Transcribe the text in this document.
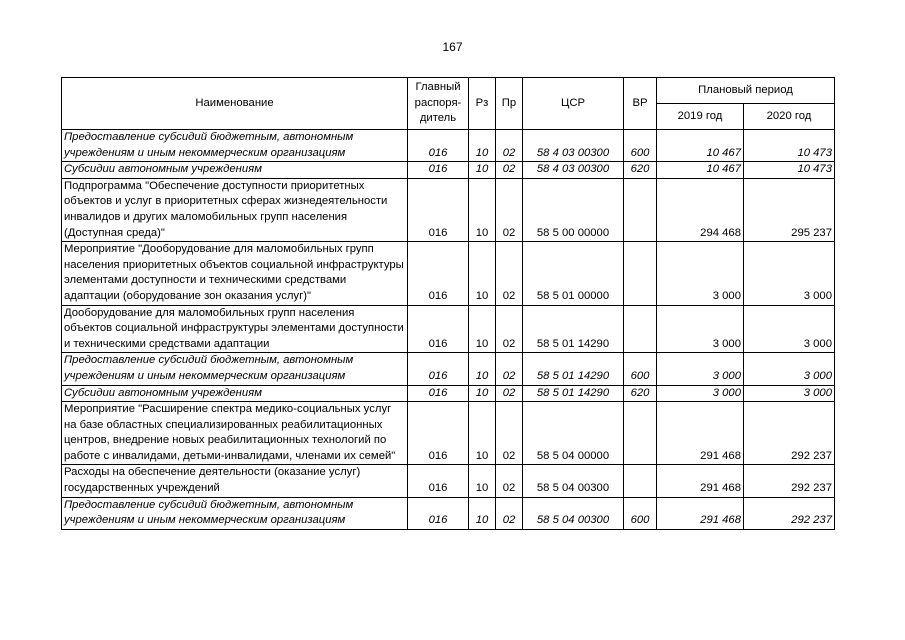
167
Наименование	Главный распоря-дитель	Рз	Пр	ЦСР	ВР	Плановый период	
						2019 год	2020 год
Предоставление субсидий бюджетным, автономным учреждениям и иным некоммерческим организациям	016	10	02	58 4 03 00300	600	10 467	10 473
Субсидии автономным учреждениям	016	10	02	58 4 03 00300	620	10 467	10 473
Подпрограмма "Обеспечение доступности приоритетных объектов и услуг в приоритетных сферах жизнедеятельности инвалидов и других маломобильных групп населения (Доступная среда)"	016	10	02	58 5 00 00000		294 468	295 237
Мероприятие "Дооборудование для маломобильных групп населения приоритетных объектов социальной инфраструктуры элементами доступности и техническими средствами адаптации (оборудование зон оказания услуг)"	016	10	02	58 5 01 00000		3 000	3 000
Дооборудование для маломобильных групп населения объектов социальной инфраструктуры элементами доступности и техническими средствами адаптации	016	10	02	58 5 01 14290		3 000	3 000
Предоставление субсидий бюджетным, автономным учреждениям и иным некоммерческим организациям	016	10	02	58 5 01 14290	600	3 000	3 000
Субсидии автономным учреждениям	016	10	02	58 5 01 14290	620	3 000	3 000
Мероприятие "Расширение спектра медико-социальных услуг на базе областных специализированных реабилитационных центров, внедрение новых реабилитационных технологий по работе с инвалидами, детьми-инвалидами, членами их семей"	016	10	02	58 5 04 00000		291 468	292 237
Расходы на обеспечение деятельности (оказание услуг) государственных учреждений	016	10	02	58 5 04 00300		291 468	292 237
Предоставление субсидий бюджетным, автономным учреждениям и иным некоммерческим организациям	016	10	02	58 5 04 00300	600	291 468	292 237
